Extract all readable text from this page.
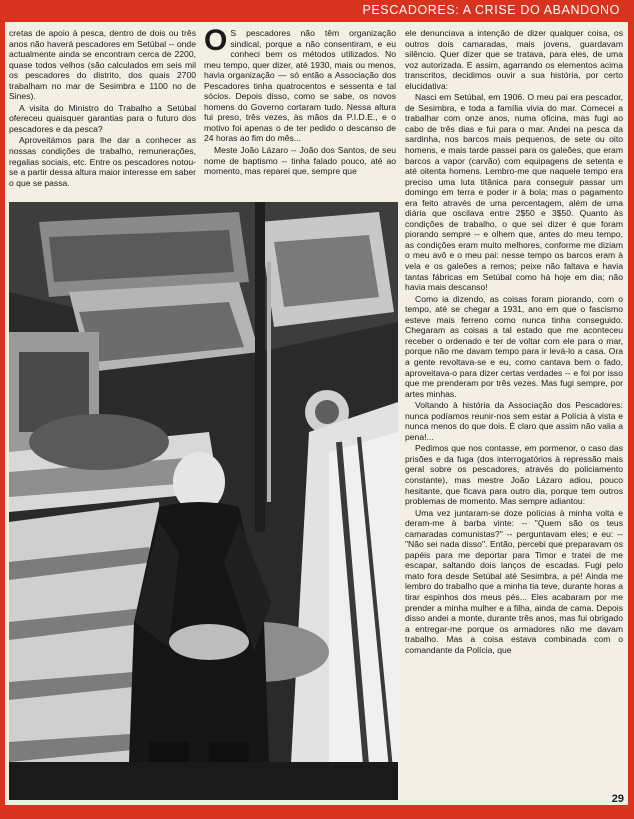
PESCADORES: A CRISE DO ABANDONO

cretas de apoio à pesca, dentro de dois ou três anos não haverá pescadores em Setúbal -- onde actualmente ainda se encontram cerca de 2200, quase todos velhos (são calculados em seis mil os pescadores do distrito, dos quais 2700 trabalham no mar de Sesimbra e 1100 no de Sines).

A visita do Ministro do Trabalho a Setúbal ofereceu quaisquer garantias para o futuro dos pescadores e da pesca?

Aproveitámos para lhe dar a conhecer as nossas condições de trabalho, remunerações, regalias sociais, etc. Entre os pescadores notou-se a partir dessa altura maior interesse em saber o que se passa.

O S pescadores não têm organização sindical, porque a não consentiram, e eu conheci bem os métodos utilizados. No meu tempo, quer dizer, até 1930, mais ou menos, havia organização — só então a Associação dos Pescadores tinha quatrocentos e sessenta e tal sócios. Depois disso, como se sabe, os novos homens do Governo cortaram tudo. Nessa altura fui preso, três vezes, às mãos da P.I.D.E., e o motivo foi apenas o de ter pedido o descanso de 24 horas ao fim do mês...

Meste João Lázaro -- João dos Santos, de seu nome de baptismo -- tinha falado pouco, até ao momento, mas reparei que, sempre que

ele denunciava a intenção de dizer qualquer coisa, os outros dois camaradas, mais jovens, guardavam silêncio. Quer dizer que se tratava, para eles, de uma voz autorizada. E assim, agarrando os elementos acima transcritos, decidimos ouvir a sua história, por certo elucidativa:

Nasci em Setúbal, em 1906. O meu pai era pescador, de Sesimbra, e toda a família vivia do mar. Comecei a trabalhar com onze anos, numa oficina, mas fugi ao cabo de três dias e fui para o mar. Andei na pesca da sardinha, nos barcos mais pequenos, de sete ou oito homens, e mais tarde passei para os galeões, que eram barcos a vapor (carvão) com equipagens de setenta e até oitenta homens. Lembro-me que naquele tempo era preciso uma luta titânica para conseguir passar um domingo em terra e poder ir à bola; mas o pagamento era feito através de uma percentagem, além de uma diária que oscilava entre 2$50 e 3$50. Quanto às condições de trabalho, o que sei dizer é que foram piorando sempre -- e olhem que, antes do meu tempo, as condições eram muito melhores, conforme me diziam o meu avô e o meu pai: nesse tempo os barcos eram à vela e os galeões a remos; peixe não faltava e havia tantas fábricas em Setúbal como há hoje em dia; não havia mais descanso!

Como ia dizendo, as coisas foram piorando, com o tempo, até se chegar a 1931, ano em que o fascismo esteve mais ferreno como nunca tinha conseguido. Chegaram as coisas a tal estado que me aconteceu receber o ordenado e ter de voltar com ele para o mar, porque não me davam tempo para ir levá-lo a casa. Ora a gente revoltava-se e eu, como cantava bem o fado, aproveitava-o para dizer certas verdades -- e foi por isso que me prenderam por três vezes. Mas fugi sempre, por artes minhas.

Voltando à história da Associação dos Pescadores: nunca podíamos reunir-nos sem estar a Polícia à vista e nunca menos do que dois. É claro que assim não valia a pena!...

Pedimos que nos contasse, em pormenor, o caso das prisões e da fuga (dos interrogatórios à repressão mais geral sobre os pescadores, através do policiamento constante), mas mestre João Lázaro adiou, pouco hesitante, que ficava para outro dia, porque tem outros problemas de momento. Mas sempre adiantou:

Uma vez juntaram-se doze polícias à minha volta e deram-me à barba vinte: -- "Quem são os teus camaradas comunistas?" -- perguntavam eles; e eu: -- "Não sei nada disso". Então, percebi que preparavam os papéis para me deportar para Timor e tratei de me escapar, saltando dois lanços de escadas. Fugi pelo mato fora desde Setúbal até Sesimbra, a pé! Ainda me lembro do trabalho que a minha tia teve, durante horas a tirar espinhos dos meus pés... Eles acabaram por me prender a minha mulher e a filha, ainda de cama. Depois disso andei a monte, durante três anos, mas fui obrigado a entregar-me porque os armadores não me davam trabalho. Mas a coisa estava combinada com o comandante da Polícia, que

29
